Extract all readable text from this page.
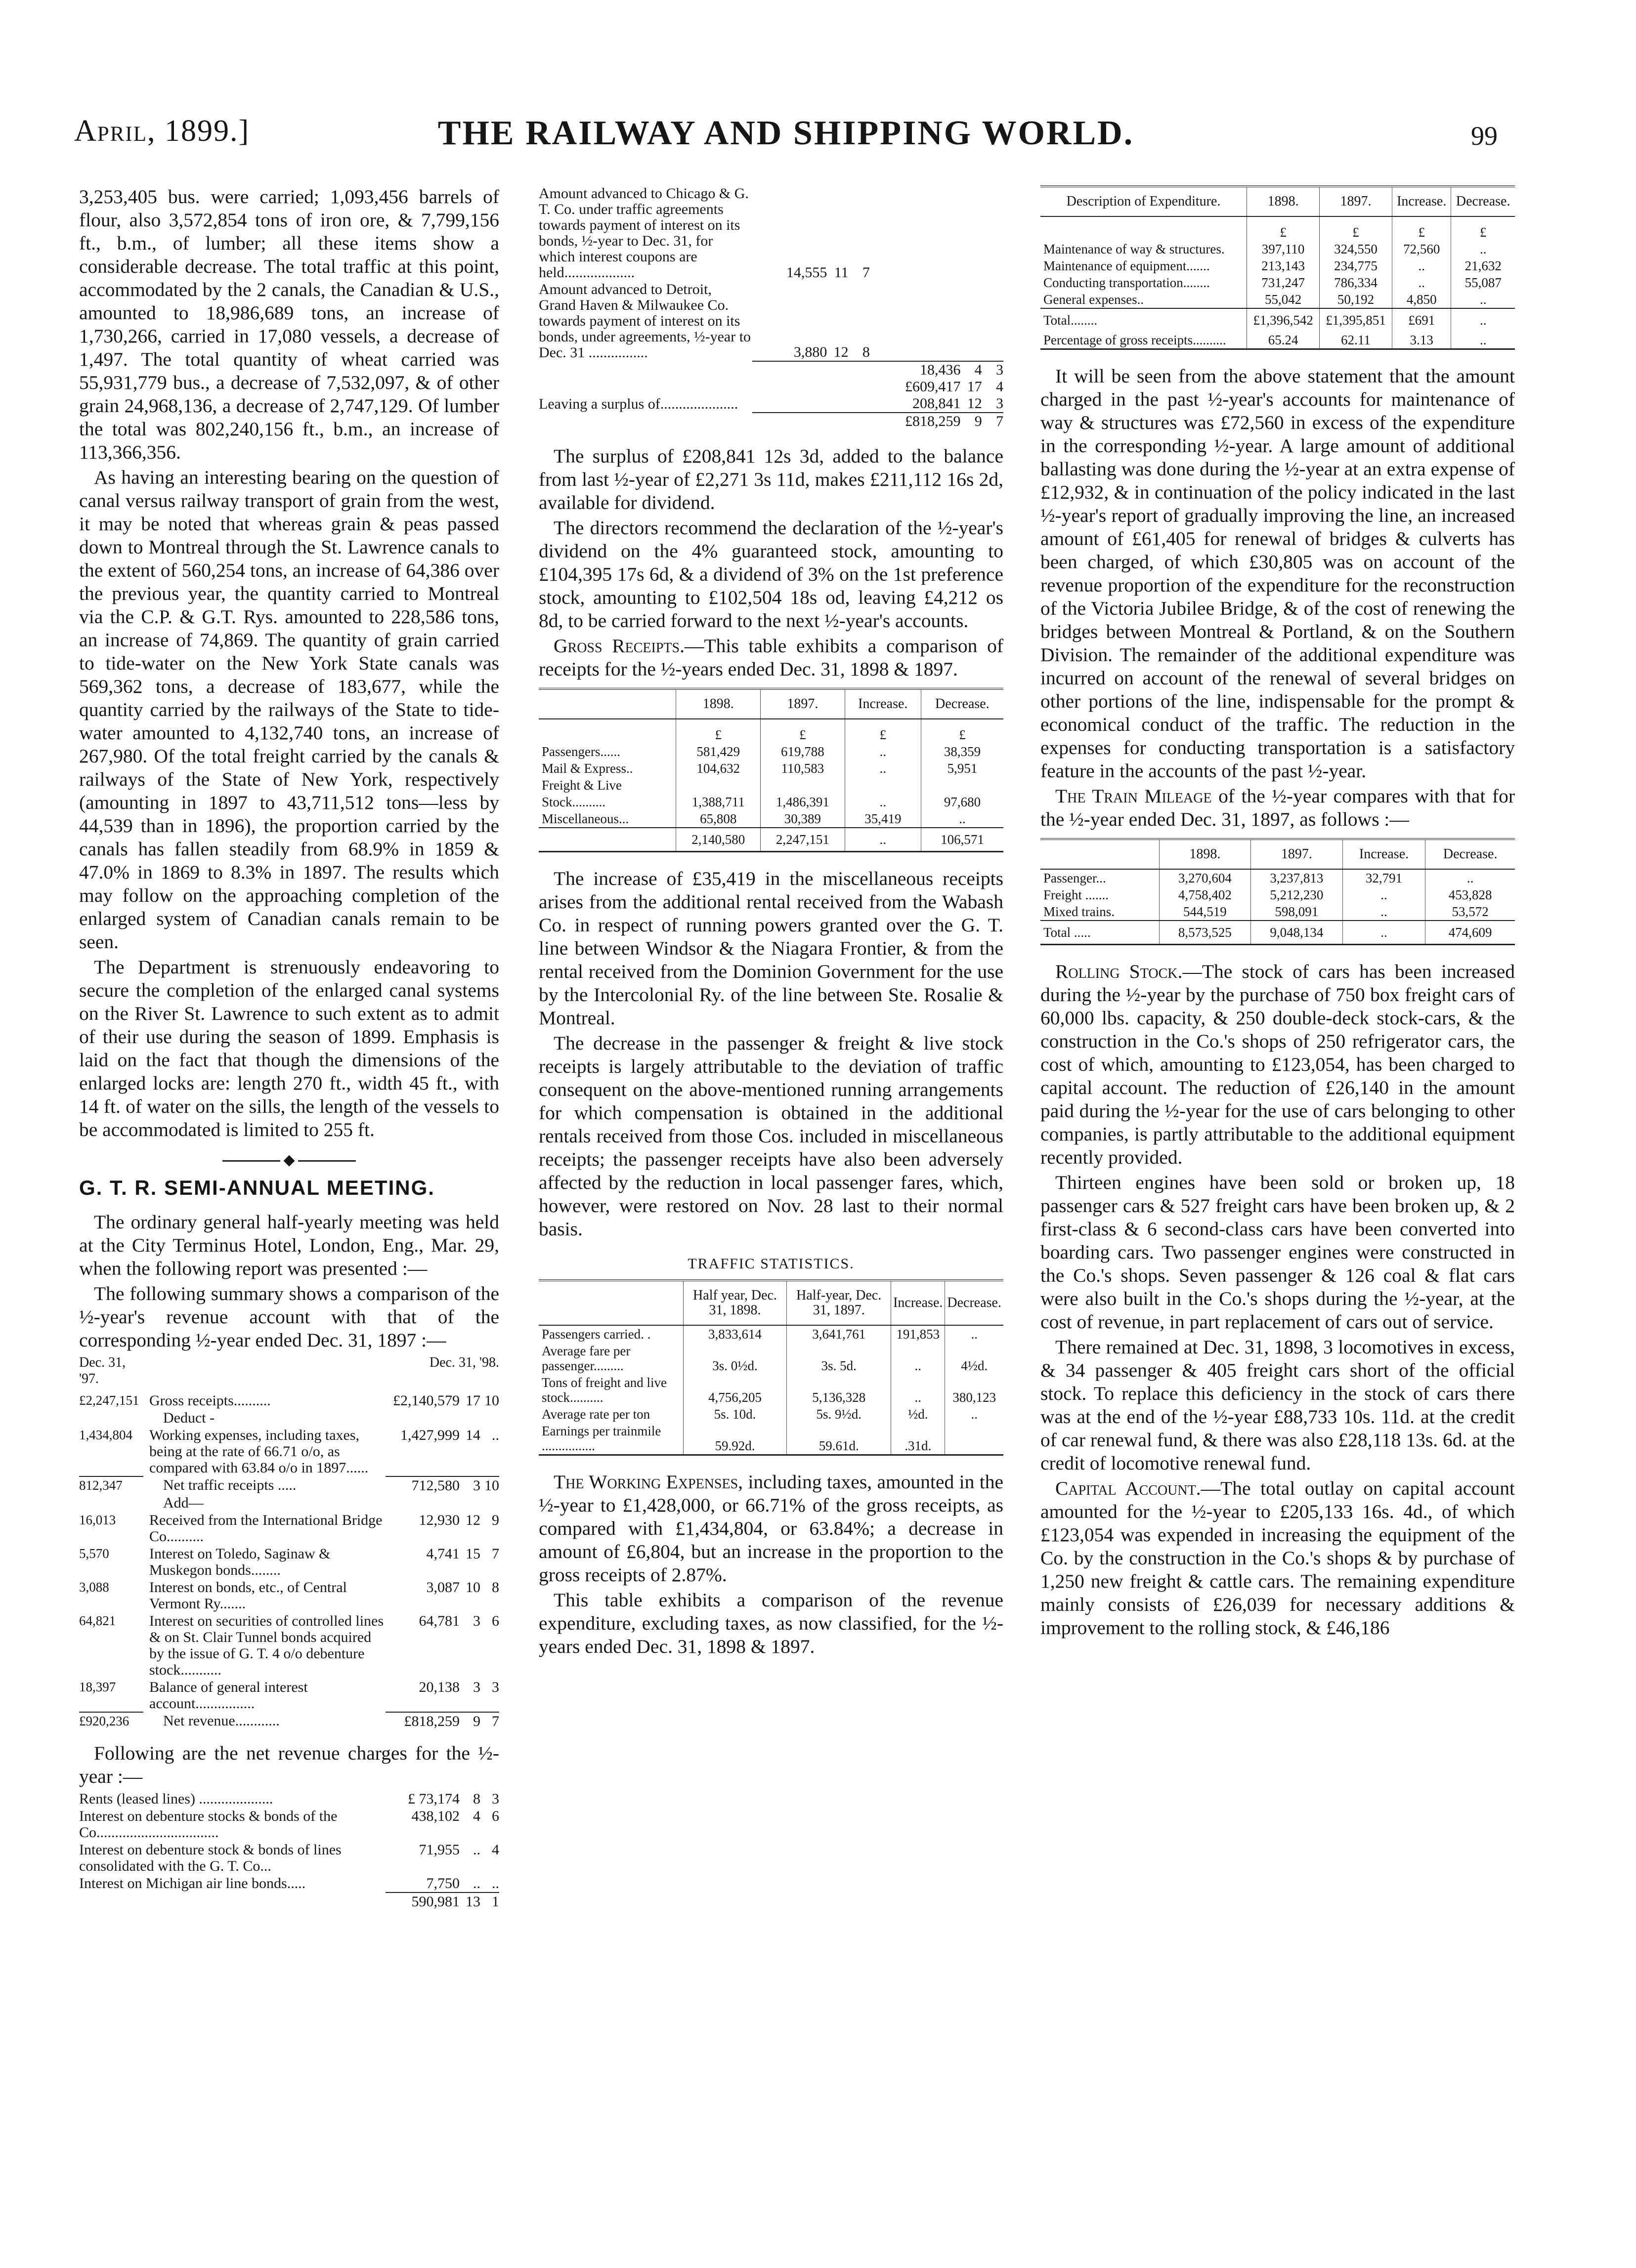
April, 1899.]	THE RAILWAY AND SHIPPING WORLD.	99

3,253,405 bus. were carried; 1,093,456 barrels of flour, also 3,572,854 tons of iron ore, & 7,799,156 ft., b.m., of lumber; all these items show a considerable decrease. The total traffic at this point, accommodated by the 2 canals, the Canadian & U.S., amounted to 18,986,689 tons, an increase of 1,730,266, carried in 17,080 vessels, a decrease of 1,497. The total quantity of wheat carried was 55,931,779 bus., a decrease of 7,532,097, & of other grain 24,968,136, a decrease of 2,747,129. Of lumber the total was 802,240,156 ft., b.m., an increase of 113,366,356.

As having an interesting bearing on the question of canal versus railway transport of grain from the west, it may be noted that whereas grain & peas passed down to Montreal through the St. Lawrence canals to the extent of 560,254 tons, an increase of 64,386 over the previous year, the quantity carried to Montreal via the C.P. & G.T. Rys. amounted to 228,586 tons, an increase of 74,869. The quantity of grain carried to tide-water on the New York State canals was 569,362 tons, a decrease of 183,677, while the quantity carried by the railways of the State to tide-water amounted to 4,132,740 tons, an increase of 267,980. Of the total freight carried by the canals & railways of the State of New York, respectively (amounting in 1897 to 43,711,512 tons—less by 44,539 than in 1896), the proportion carried by the canals has fallen steadily from 68.9% in 1859 & 47.0% in 1869 to 8.3% in 1897. The results which may follow on the approaching completion of the enlarged system of Canadian canals remain to be seen.

The Department is strenuously endeavoring to secure the completion of the enlarged canal systems on the River St. Lawrence to such extent as to admit of their use during the season of 1899. Emphasis is laid on the fact that though the dimensions of the enlarged locks are: length 270 ft., width 45 ft., with 14 ft. of water on the sills, the length of the vessels to be accommodated is limited to 255 ft.

◆
G. T. R. SEMI-ANNUAL MEETING.

The ordinary general half-yearly meeting was held at the City Terminus Hotel, London, Eng., Mar. 29, when the following report was presented :—

The following summary shows a comparison of the ½-year's revenue account with that of the corresponding ½-year ended Dec. 31, 1897 :—

Dec. 31, '97.		Dec. 31, '98.		
£2,247,151	Gross receipts..........	£2,140,579	17	10
	Deduct -			
1,434,804	Working expenses, including taxes, being at the rate of 66.71 o/o, as compared with 63.84 o/o in 1897......	1,427,999	14	..
812,347	Net traffic receipts .....	712,580	3	10
	Add—			
16,013	Received from the International Bridge Co..........	12,930	12	9
5,570	Interest on Toledo, Saginaw & Muskegon bonds........	4,741	15	7
3,088	Interest on bonds, etc., of Central Vermont Ry.......	3,087	10	8
64,821	Interest on securities of controlled lines & on St. Clair Tunnel bonds acquired by the issue of G. T. 4 o/o debenture stock...........	64,781	3	6
18,397	Balance of general interest account................	20,138	3	3
£920,236	Net revenue............	£818,259	9	7

Following are the net revenue charges for the ½-year :—

Rents (leased lines) ....................	£ 73,174	8	3
Interest on debenture stocks & bonds of the Co.................................	438,102	4	6
Interest on debenture stock & bonds of lines consolidated with the G. T. Co...	71,955	..	4
Interest on Michigan air line bonds.....	7,750	..	..
	590,981	13	1
Amount advanced to Chicago & G. T. Co. under traffic agreements towards payment of interest on its bonds, ½-year to Dec. 31, for which interest coupons are held...................	14,555	11	7			
Amount advanced to Detroit, Grand Haven & Milwaukee Co. towards payment of interest on its bonds, under agreements, ½-year to Dec. 31 ................	3,880	12	8			
				18,436	4	3
				£609,417	17	4
Leaving a surplus of.....................				208,841	12	3
				£818,259	9	7

The surplus of £208,841 12s 3d, added to the balance from last ½-year of £2,271 3s 11d, makes £211,112 16s 2d, available for dividend.

The directors recommend the declaration of the ½-year's dividend on the 4% guaranteed stock, amounting to £104,395 17s 6d, & a dividend of 3% on the 1st preference stock, amounting to £102,504 18s od, leaving £4,212 os 8d, to be carried forward to the next ½-year's accounts.

Gross Receipts.—This table exhibits a comparison of receipts for the ½-years ended Dec. 31, 1898 & 1897.

	1898.	1897.	Increase.	Decrease.
	£	£	£	£
Passengers......	581,429	619,788	..	38,359
Mail & Express..	104,632	110,583	..	5,951
Freight & Live				
Stock..........	1,388,711	1,486,391	..	97,680
Miscellaneous...	65,808	30,389	35,419	..
	2,140,580	2,247,151	..	106,571

The increase of £35,419 in the miscellaneous receipts arises from the additional rental received from the Wabash Co. in respect of running powers granted over the G. T. line between Windsor & the Niagara Frontier, & from the rental received from the Dominion Government for the use by the Intercolonial Ry. of the line between Ste. Rosalie & Montreal.

The decrease in the passenger & freight & live stock receipts is largely attributable to the deviation of traffic consequent on the above-mentioned running arrangements for which compensation is obtained in the additional rentals received from those Cos. included in miscellaneous receipts; the passenger receipts have also been adversely affected by the reduction in local passenger fares, which, however, were restored on Nov. 28 last to their normal basis.

TRAFFIC STATISTICS.
	Half year, Dec. 31, 1898.	Half-year, Dec. 31, 1897.	Increase.	Decrease.
Passengers carried. .	3,833,614	3,641,761	191,853	..
Average fare per passenger.........	3s. 0½d.	3s. 5d.	..	4½d.
Tons of freight and live stock..........	4,756,205	5,136,328	..	380,123
Average rate per ton	5s. 10d.	5s. 9½d.	½d.	..
Earnings per trainmile ................	59.92d.	59.61d.	.31d.	

The Working Expenses, including taxes, amounted in the ½-year to £1,428,000, or 66.71% of the gross receipts, as compared with £1,434,804, or 63.84%; a decrease in amount of £6,804, but an increase in the proportion to the gross receipts of 2.87%.

This table exhibits a comparison of the revenue expenditure, excluding taxes, as now classified, for the ½-years ended Dec. 31, 1898 & 1897.

Description of Expenditure.	1898.	1897.	Increase.	Decrease.
	£	£	£	£
Maintenance of way & structures.	397,110	324,550	72,560	..
Maintenance of equipment.......	213,143	234,775	..	21,632
Conducting transportation........	731,247	786,334	..	55,087
General expenses..	55,042	50,192	4,850	..
Total........	£1,396,542	£1,395,851	£691	..
Percentage of gross receipts..........	65.24	62.11	3.13	..

It will be seen from the above statement that the amount charged in the past ½-year's accounts for maintenance of way & structures was £72,560 in excess of the expenditure in the corresponding ½-year. A large amount of additional ballasting was done during the ½-year at an extra expense of £12,932, & in continuation of the policy indicated in the last ½-year's report of gradually improving the line, an increased amount of £61,405 for renewal of bridges & culverts has been charged, of which £30,805 was on account of the revenue proportion of the expenditure for the reconstruction of the Victoria Jubilee Bridge, & of the cost of renewing the bridges between Montreal & Portland, & on the Southern Division. The remainder of the additional expenditure was incurred on account of the renewal of several bridges on other portions of the line, indispensable for the prompt & economical conduct of the traffic. The reduction in the expenses for conducting transportation is a satisfactory feature in the accounts of the past ½-year.

The Train Mileage of the ½-year compares with that for the ½-year ended Dec. 31, 1897, as follows :—

	1898.	1897.	Increase.	Decrease.
Passenger...	3,270,604	3,237,813	32,791	..
Freight .......	4,758,402	5,212,230	..	453,828
Mixed trains.	544,519	598,091	..	53,572
Total .....	8,573,525	9,048,134	..	474,609

Rolling Stock.—The stock of cars has been increased during the ½-year by the purchase of 750 box freight cars of 60,000 lbs. capacity, & 250 double-deck stock-cars, & the construction in the Co.'s shops of 250 refrigerator cars, the cost of which, amounting to £123,054, has been charged to capital account. The reduction of £26,140 in the amount paid during the ½-year for the use of cars belonging to other companies, is partly attributable to the additional equipment recently provided.

Thirteen engines have been sold or broken up, 18 passenger cars & 527 freight cars have been broken up, & 2 first-class & 6 second-class cars have been converted into boarding cars. Two passenger engines were constructed in the Co.'s shops. Seven passenger & 126 coal & flat cars were also built in the Co.'s shops during the ½-year, at the cost of revenue, in part replacement of cars out of service.

There remained at Dec. 31, 1898, 3 locomotives in excess, & 34 passenger & 405 freight cars short of the official stock. To replace this deficiency in the stock of cars there was at the end of the ½-year £88,733 10s. 11d. at the credit of car renewal fund, & there was also £28,118 13s. 6d. at the credit of locomotive renewal fund.

Capital Account.—The total outlay on capital account amounted for the ½-year to £205,133 16s. 4d., of which £123,054 was expended in increasing the equipment of the Co. by the construction in the Co.'s shops & by purchase of 1,250 new freight & cattle cars. The remaining expenditure mainly consists of £26,039 for necessary additions & improvement to the rolling stock, & £46,186
